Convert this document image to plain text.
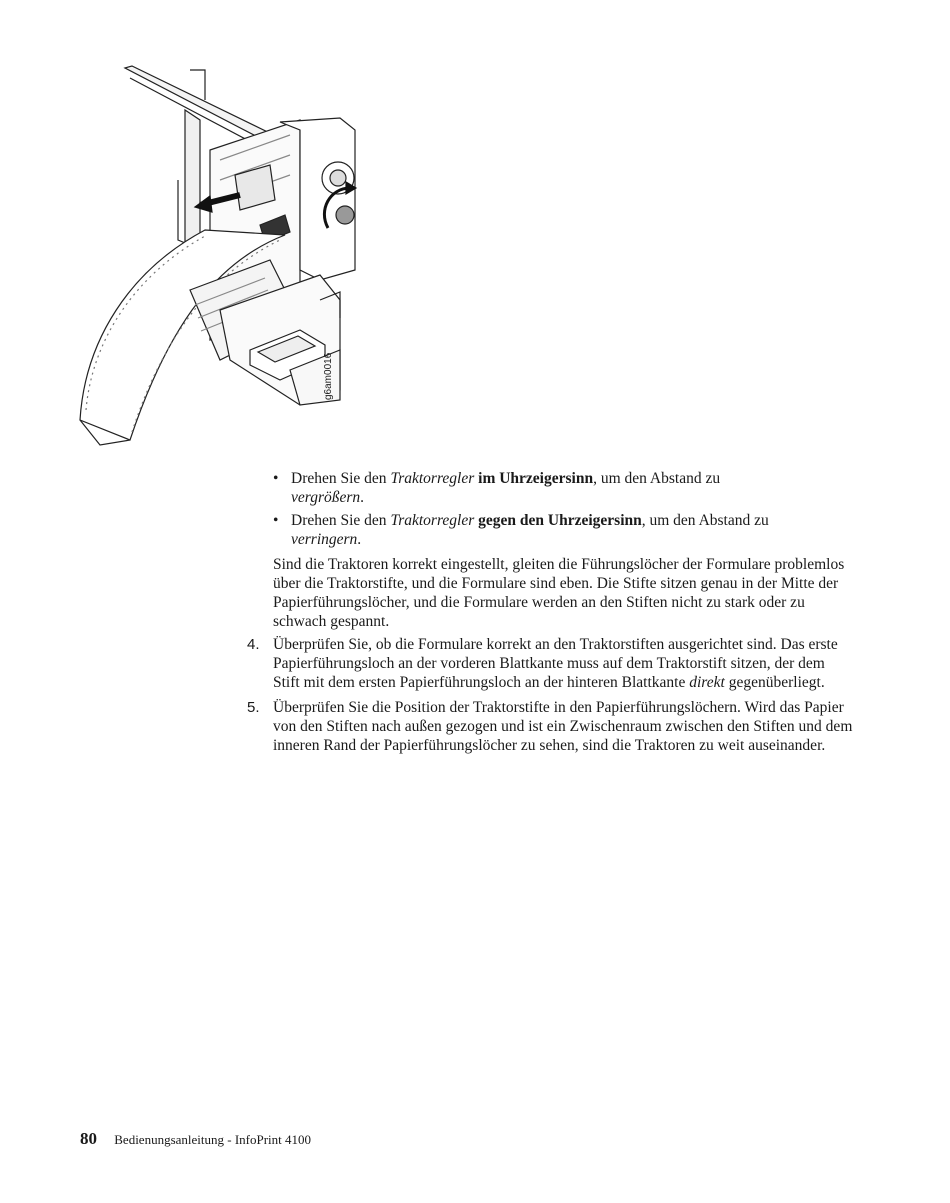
g6am0016
• Drehen Sie den Traktorregler im Uhrzeigersinn, um den Abstand zu
vergrößern.
• Drehen Sie den Traktorregler gegen den Uhrzeigersinn, um den Abstand zu
verringern.
Sind die Traktoren korrekt eingestellt, gleiten die Führungslöcher der Formulare problemlos über die Traktorstifte, und die Formulare sind eben. Die Stifte sitzen genau in der Mitte der Papierführungslöcher, und die Formulare werden an den Stiften nicht zu stark oder zu schwach gespannt.
4. Überprüfen Sie, ob die Formulare korrekt an den Traktorstiften ausgerichtet sind. Das erste Papierführungsloch an der vorderen Blattkante muss auf dem Traktorstift sitzen, der dem Stift mit dem ersten Papierführungsloch an der hinteren Blattkante direkt gegenüberliegt.
5. Überprüfen Sie die Position der Traktorstifte in den Papierführungslöchern. Wird das Papier von den Stiften nach außen gezogen und ist ein Zwischenraum zwischen den Stiften und dem inneren Rand der Papierführungslöcher zu sehen, sind die Traktoren zu weit auseinander.
80 Bedienungsanleitung - InfoPrint 4100
